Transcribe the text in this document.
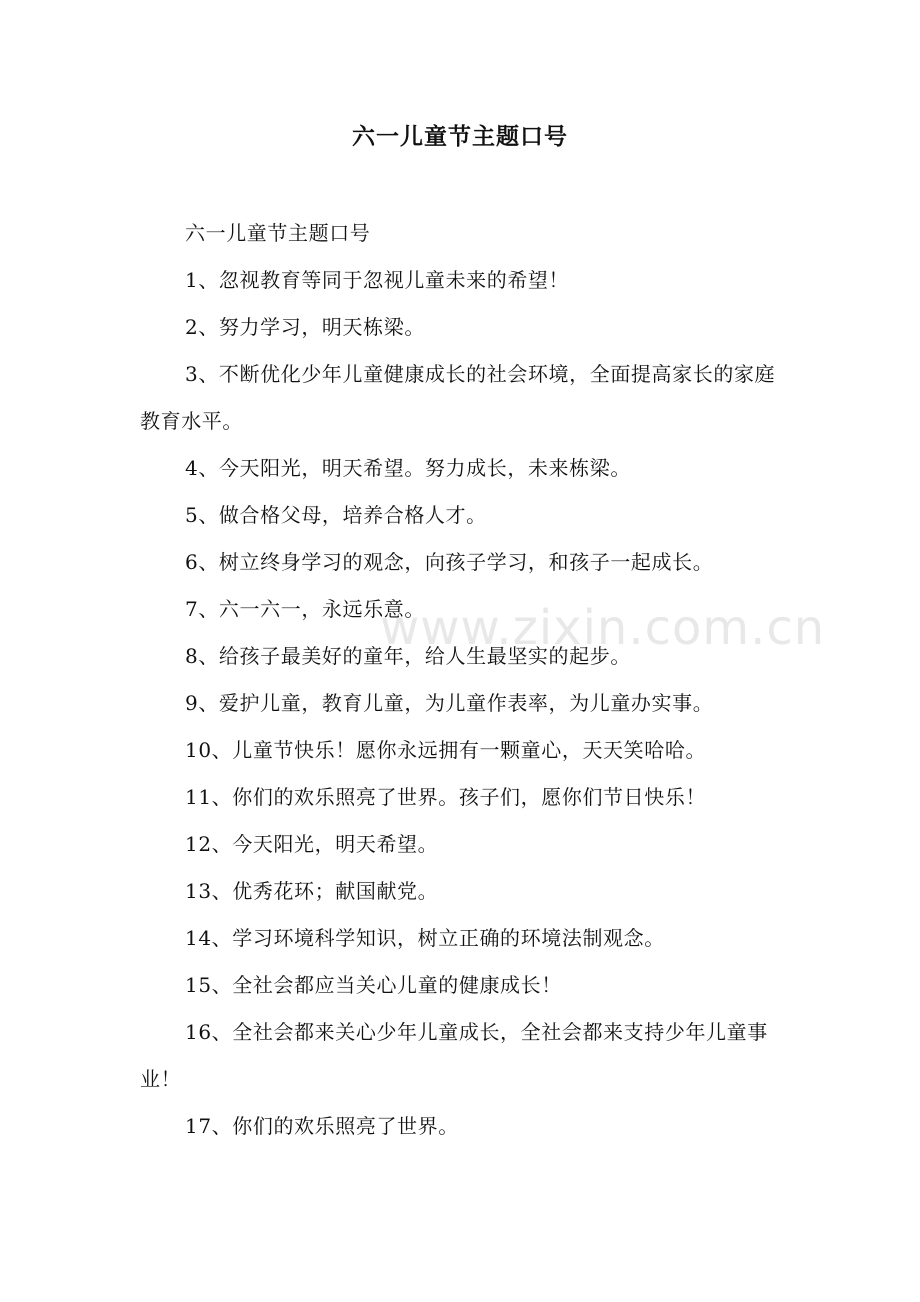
六一儿童节主题口号

六一儿童节主题口号

1、忽视教育等同于忽视儿童未来的希望！

2、努力学习，明天栋梁。

3、不断优化少年儿童健康成长的社会环境，全面提高家长的家庭教育水平。

4、今天阳光，明天希望。努力成长，未来栋梁。

5、做合格父母，培养合格人才。

6、树立终身学习的观念，向孩子学习，和孩子一起成长。

7、六一六一，永远乐意。

8、给孩子最美好的童年，给人生最坚实的起步。

9、爱护儿童，教育儿童，为儿童作表率，为儿童办实事。

10、儿童节快乐！愿你永远拥有一颗童心，天天笑哈哈。

11、你们的欢乐照亮了世界。孩子们，愿你们节日快乐！

12、今天阳光，明天希望。

13、优秀花环；献国献党。

14、学习环境科学知识，树立正确的环境法制观念。

15、全社会都应当关心儿童的健康成长！

16、全社会都来关心少年儿童成长，全社会都来支持少年儿童事业！

17、你们的欢乐照亮了世界。

www.zixin.com.cn
